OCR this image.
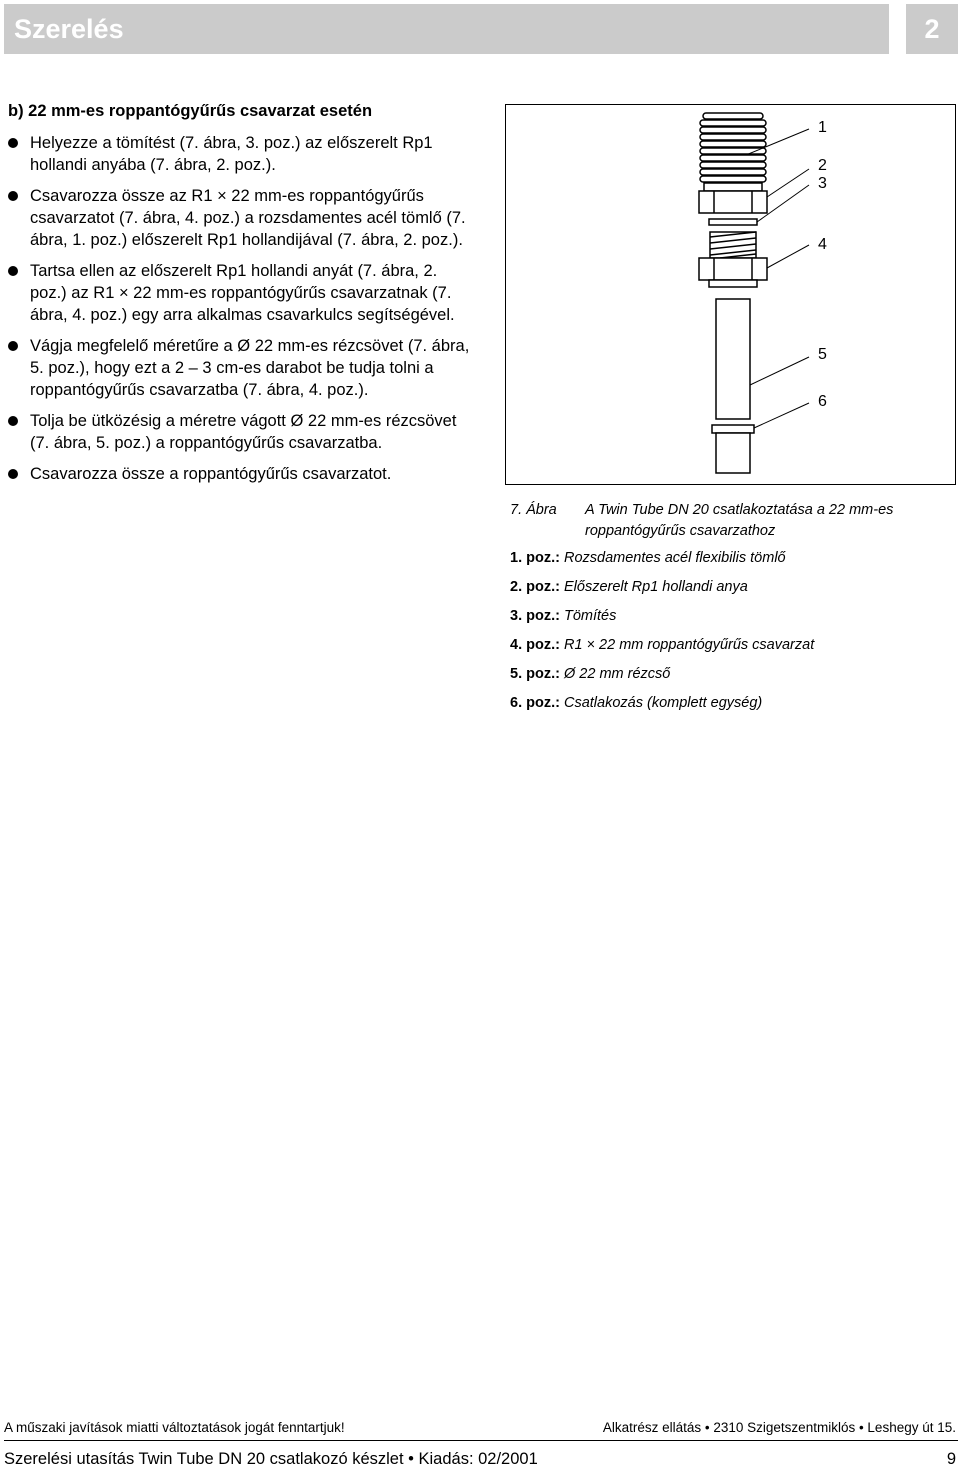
Szerelés	2
b) 22 mm-es roppantógyűrűs csavarzat esetén
Helyezze a tömítést (7. ábra, 3. poz.) az előszerelt Rp1 hollandi anyába (7. ábra, 2. poz.).
Csavarozza össze az R1 × 22 mm-es roppantógyűrűs csavarzatot (7. ábra, 4. poz.) a rozsdamentes acél tömlő (7. ábra, 1. poz.) előszerelt Rp1 hollandijával (7. ábra, 2. poz.).
Tartsa ellen az előszerelt Rp1 hollandi anyát (7. ábra, 2. poz.) az R1 × 22 mm-es roppantógyűrűs csavarzatnak (7. ábra, 4. poz.) egy arra alkalmas csavarkulcs segítségével.
Vágja megfelelő méretűre a Ø 22 mm-es rézcsövet (7. ábra, 5. poz.), hogy ezt a 2 – 3 cm-es darabot be tudja tolni a roppantógyűrűs csavarzatba (7. ábra, 4. poz.).
Tolja be ütközésig a méretre vágott Ø 22 mm-es rézcsövet (7. ábra, 5. poz.) a roppantógyűrűs csavarzatba.
Csavarozza össze a roppantógyűrűs csavarzatot.
1
2
3
4
5
6
7. Ábra A Twin Tube DN 20 csatlakoztatása a 22 mm-es roppantógyűrűs csavarzathoz
1. poz.: Rozsdamentes acél flexibilis tömlő
2. poz.: Előszerelt Rp1 hollandi anya
3. poz.: Tömítés
4. poz.: R1 × 22 mm roppantógyűrűs csavarzat
5. poz.: Ø 22 mm rézcső
6. poz.: Csatlakozás (komplett egység)
A műszaki javítások miatti változtatások jogát fenntartjuk!	Alkatrész ellátás • 2310 Szigetszentmiklós • Leshegy út 15.
Szerelési utasítás Twin Tube DN 20 csatlakozó készlet • Kiadás: 02/2001	9
